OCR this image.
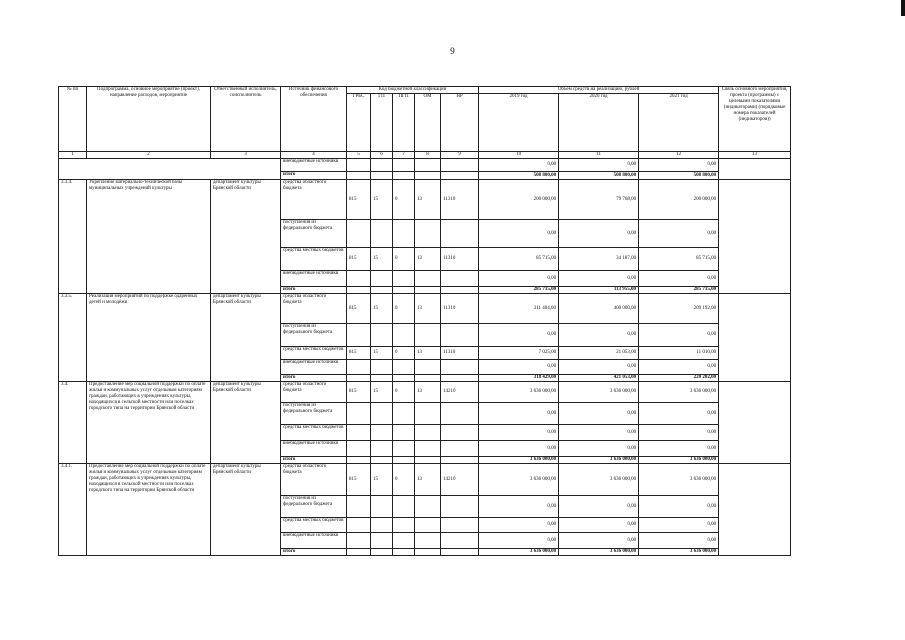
9
№ пп	Подпрограмма, основное мероприятие (проект), направление расходов, мероприятие	Ответственный исполнитель, соисполнитель	Источник финансового обеспечения	Код бюджетной классификации					Объем средств на реализацию, рублей			Связь основного мероприятия, проекта (программы) с целевыми показателями (индикаторами) (порядковые номера показателей (индикаторов))
				ГРБС	ГП	ПГП	ОМ	НР	2019 год	2020 год	2021 год	
1	2	3	4	5	6	7	8	9	10	11	12	13
			внебюджетные источники						0,00	0,00	0,00	
			итого						508 800,00	508 800,00	508 800,00	
3.3.4.	Укрепление материально-технической базы муниципальных учреждений культуры	департамент культуры Брянской области	средства областного бюджета	815	15	0	13	11310	200 000,00	79 768,00	200 000,00	
			поступления из федерального бюджета						0,00	0,00	0,00	
			средства местных бюджетов	815	15	0	13	11310	85 715,00	34 187,00	85 715,00	
			внебюджетные источники						0,00	0,00	0,00	
			итого						285 715,00	113 955,00	285 715,00	
3.3.5.	Реализация мероприятий по поддержке одарённых детей и молодёжи	департамент культуры Брянской области	средства областного бюджета	815	15	0	13	11310	311 404,00	400 000,00	209 192,00	
			поступления из федерального бюджета						0,00	0,00	0,00	
			средства местных бюджетов	815	15	0	13	11310	7 025,00	21 053,00	11 010,00	
			внебюджетные источники						0,00	0,00	0,00	
			итого						318 429,00	421 053,00	220 202,00	
3.4.	Предоставление мер социальной поддержки по оплате жилья и коммунальных услуг отдельным категориям граждан, работающих в учреждениях культуры, находящихся в сельской местности или поселках городского типа на территории Брянской области	департамент культуры Брянской области	средства областного бюджета	815	15	0	13	14210	3 636 000,00	3 636 000,00	3 636 000,00	
			поступления из федерального бюджета						0,00	0,00	0,00	
			средства местных бюджетов						0,00	0,00	0,00	
			внебюджетные источники						0,00	0,00	0,00	
			итого						3 636 000,00	3 636 000,00	3 636 000,00	
3.4.1.	Предоставление мер социальной поддержки по оплате жилья и коммунальных услуг отдельным категориям граждан, работающих в учреждениях культуры, находящихся в сельской местности или поселках городского типа на территории Брянской области	департамент культуры Брянской области	средства областного бюджета	815	15	0	13	14210	3 636 000,00	3 636 000,00	3 636 000,00	
			поступления из федерального бюджета						0,00	0,00	0,00	
			средства местных бюджетов						0,00	0,00	0,00	
			внебюджетные источники						0,00	0,00	0,00	
			итого						3 636 000,00	3 636 000,00	3 636 000,00	
